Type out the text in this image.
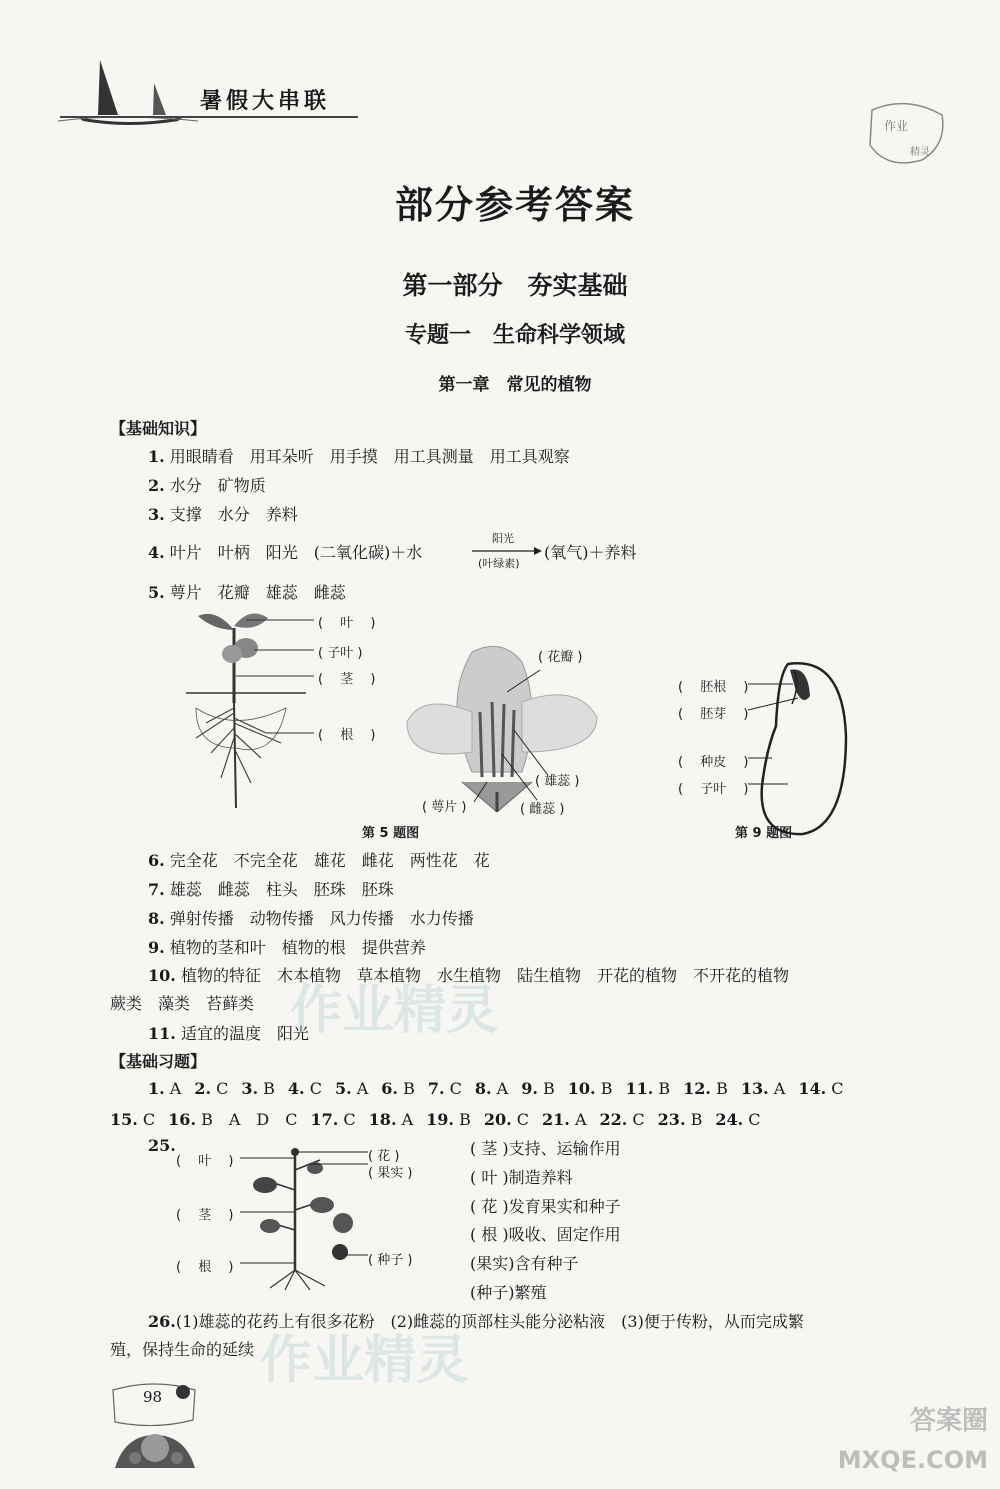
暑假大串联
作业
精灵
部分参考答案
第一部分　夯实基础
专题一　生命科学领域
第一章　常见的植物
【基础知识】
1. 用眼睛看　用耳朵听　用手摸　用工具测量　用工具观察
2. 水分　矿物质
3. 支撑　水分　养料
4. 叶片　叶柄　阳光　(二氧化碳)＋水
阳光
(叶绿素)
(氧气)＋养料
5. 萼片　花瓣　雄蕊　雌蕊
( 　叶　 )
( 子叶 )
( 　茎　 )
( 　根　 )
( 花瓣 )
( 雄蕊 )
( 萼片 )	( 雌蕊 )
第 5 题图
( 　胚根　 )
( 　胚芽　 )
( 　种皮　 )
( 　子叶　 )
第 9 题图
6. 完全花　不完全花　雄花　雌花　两性花　花
7. 雄蕊　雌蕊　柱头　胚珠　胚珠
8. 弹射传播　动物传播　风力传播　水力传播
9. 植物的茎和叶　植物的根　提供营养
10. 植物的特征　木本植物　草本植物　水生植物　陆生植物　开花的植物　不开花的植物
蕨类　藻类　苔藓类
11. 适宜的温度　阳光
【基础习题】
1. A 2. C 3. B 4. C 5. A 6. B 7. C 8. A 9. B 10. B 11. B 12. B 13. A 14. C
15. C 16. B　A　D　C 17. C 18. A 19. B 20. C 21. A 22. C 23. B 24. C
25.
( 　叶　 )
( 　茎　 )
( 　根　 )
( 花 )
( 果实 )
( 种子 )
( 茎 )支持、运输作用
( 叶 )制造养料
( 花 )发育果实和种子
( 根 )吸收、固定作用
(果实)含有种子
(种子)繁殖
26.(1)雄蕊的花药上有很多花粉　(2)雌蕊的顶部柱头能分泌粘液　(3)便于传粉，从而完成繁
殖，保持生命的延续
作业精灵
作业精灵
98
答案圈
MXQE.COM
